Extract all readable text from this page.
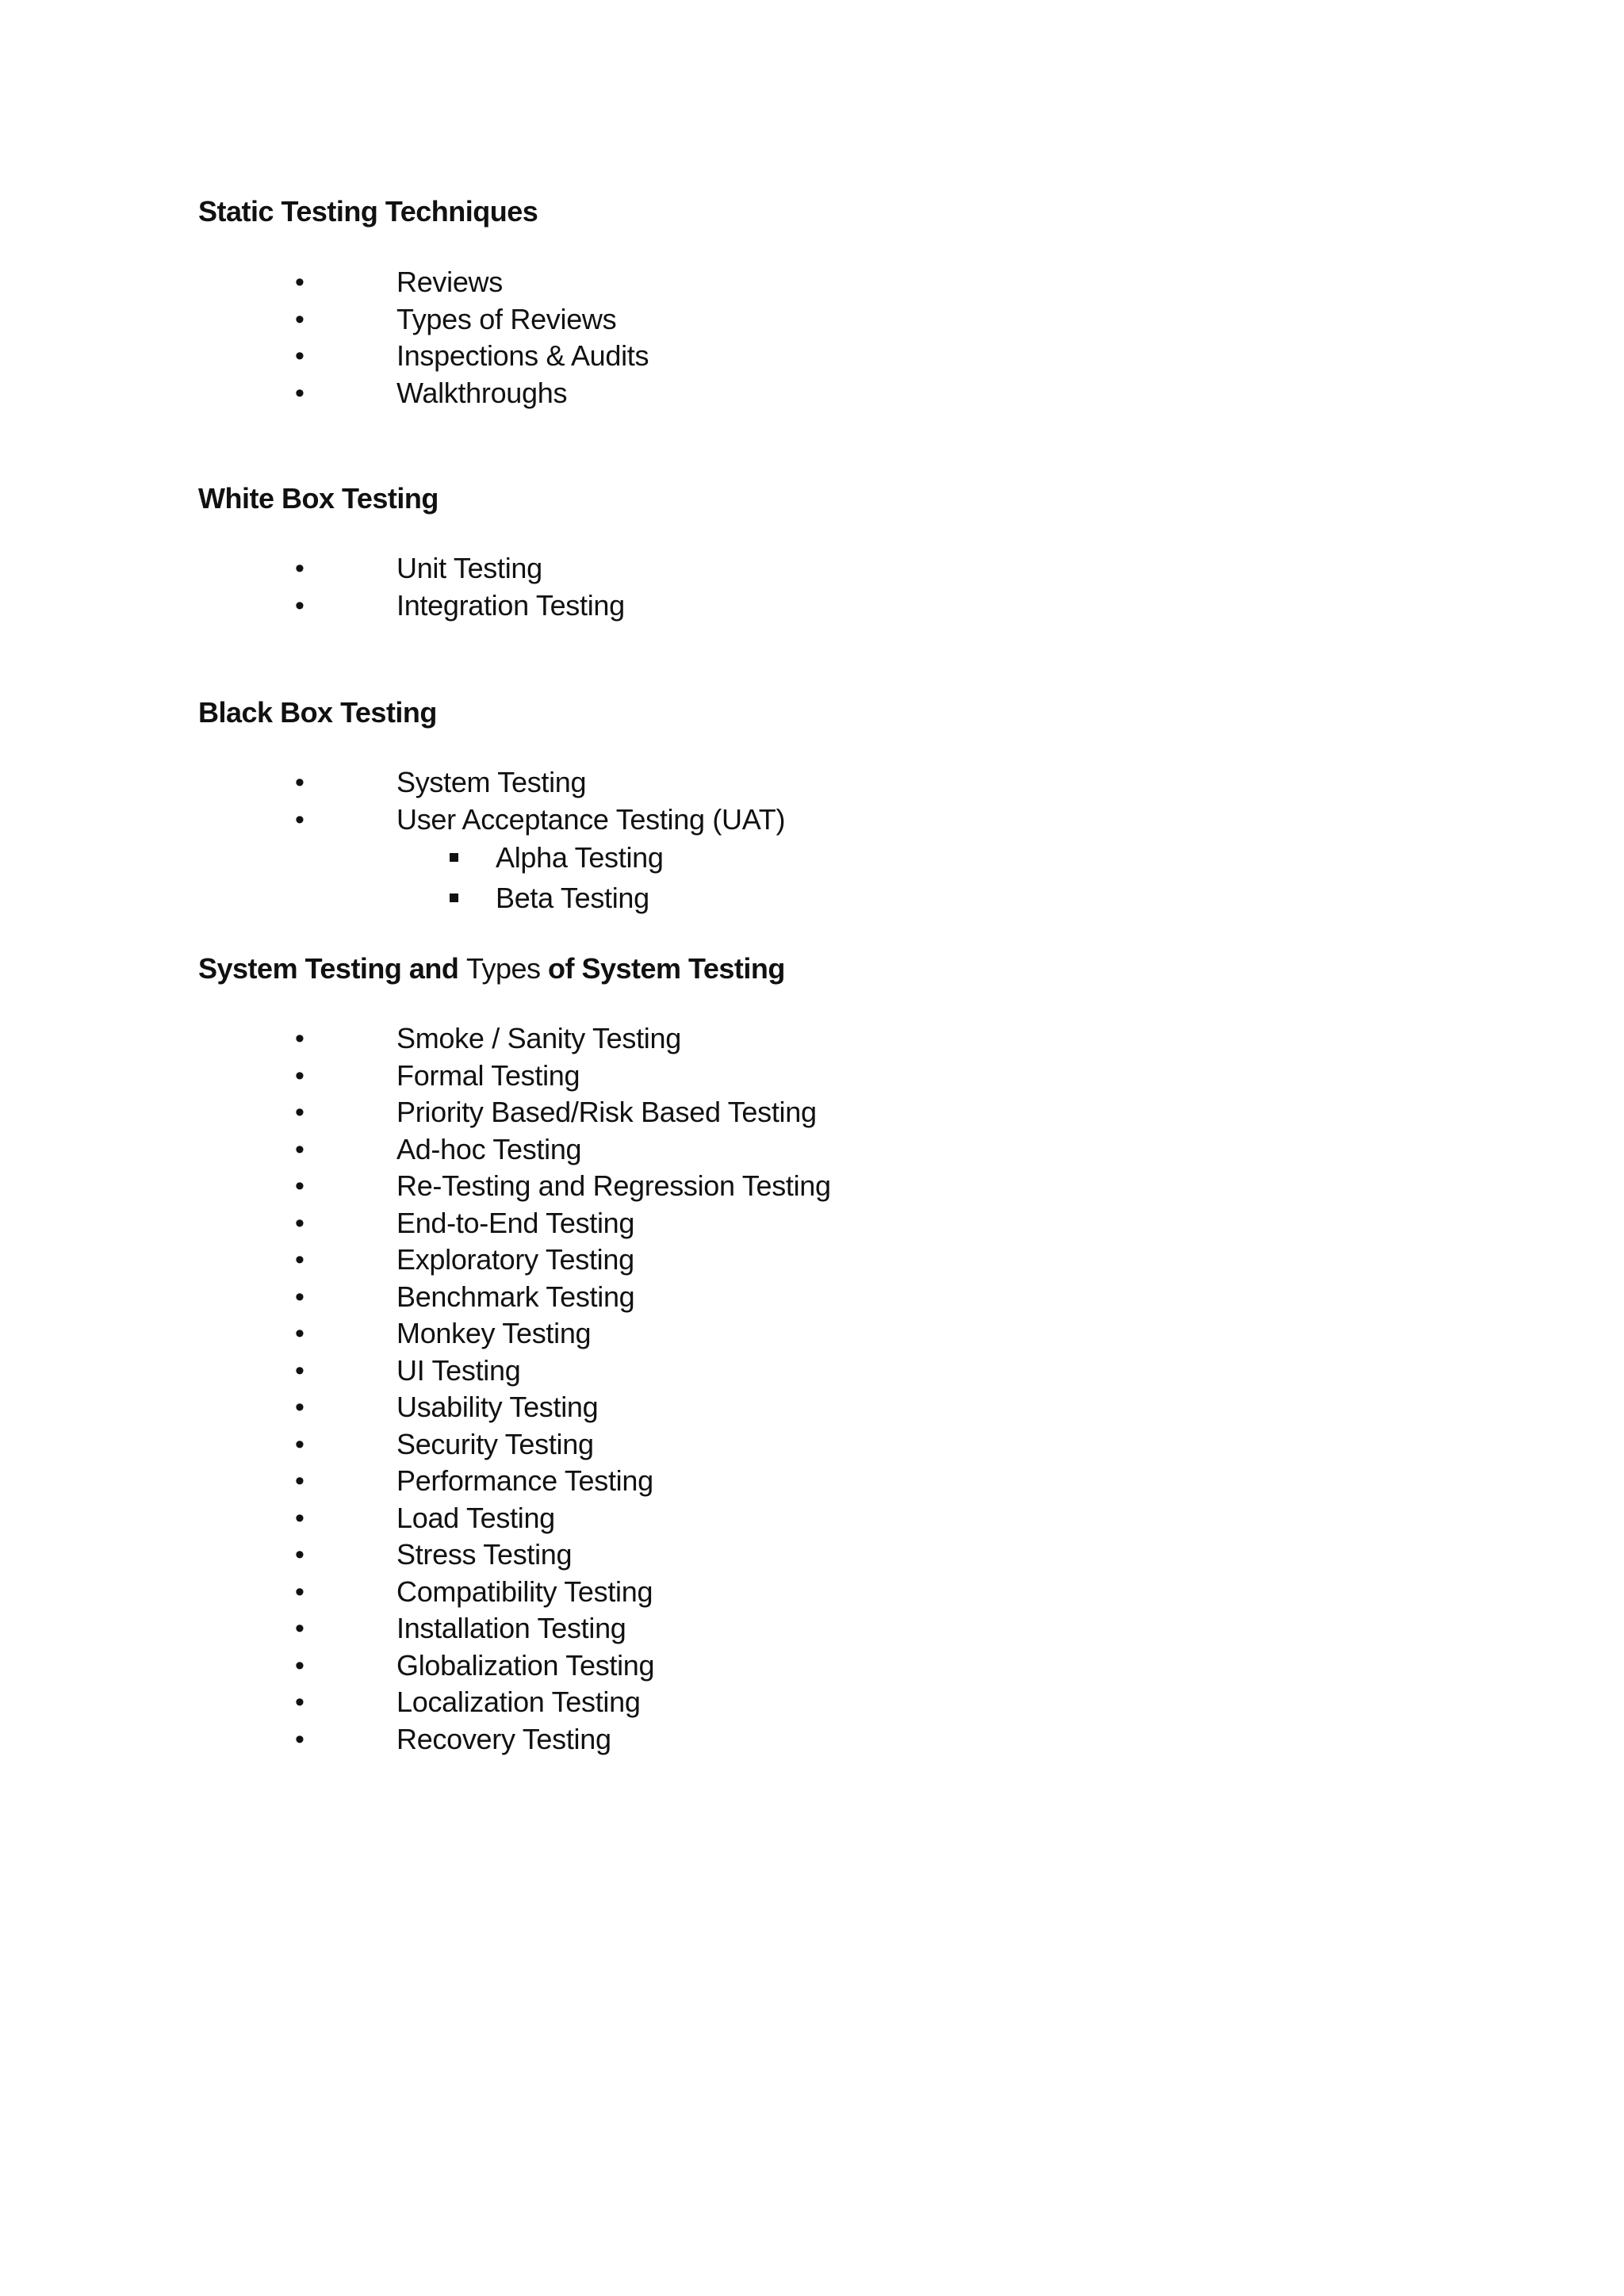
Static Testing Techniques
•	Reviews
•	Types of Reviews
•	Inspections & Audits
•	Walkthroughs
White Box Testing
•	Unit Testing
•	Integration Testing
Black Box Testing
•	System Testing
•	User Acceptance Testing (UAT)
Alpha Testing
Beta Testing
System Testing and Types of System Testing
•	Smoke / Sanity Testing
•	Formal Testing
•	Priority Based/Risk Based Testing
•	Ad-hoc Testing
•	Re-Testing and Regression Testing
•	End-to-End Testing
•	Exploratory Testing
•	Benchmark Testing
•	Monkey Testing
•	UI Testing
•	Usability Testing
•	Security Testing
•	Performance Testing
•	Load Testing
•	Stress Testing
•	Compatibility Testing
•	Installation Testing
•	Globalization Testing
•	Localization Testing
•	Recovery Testing
